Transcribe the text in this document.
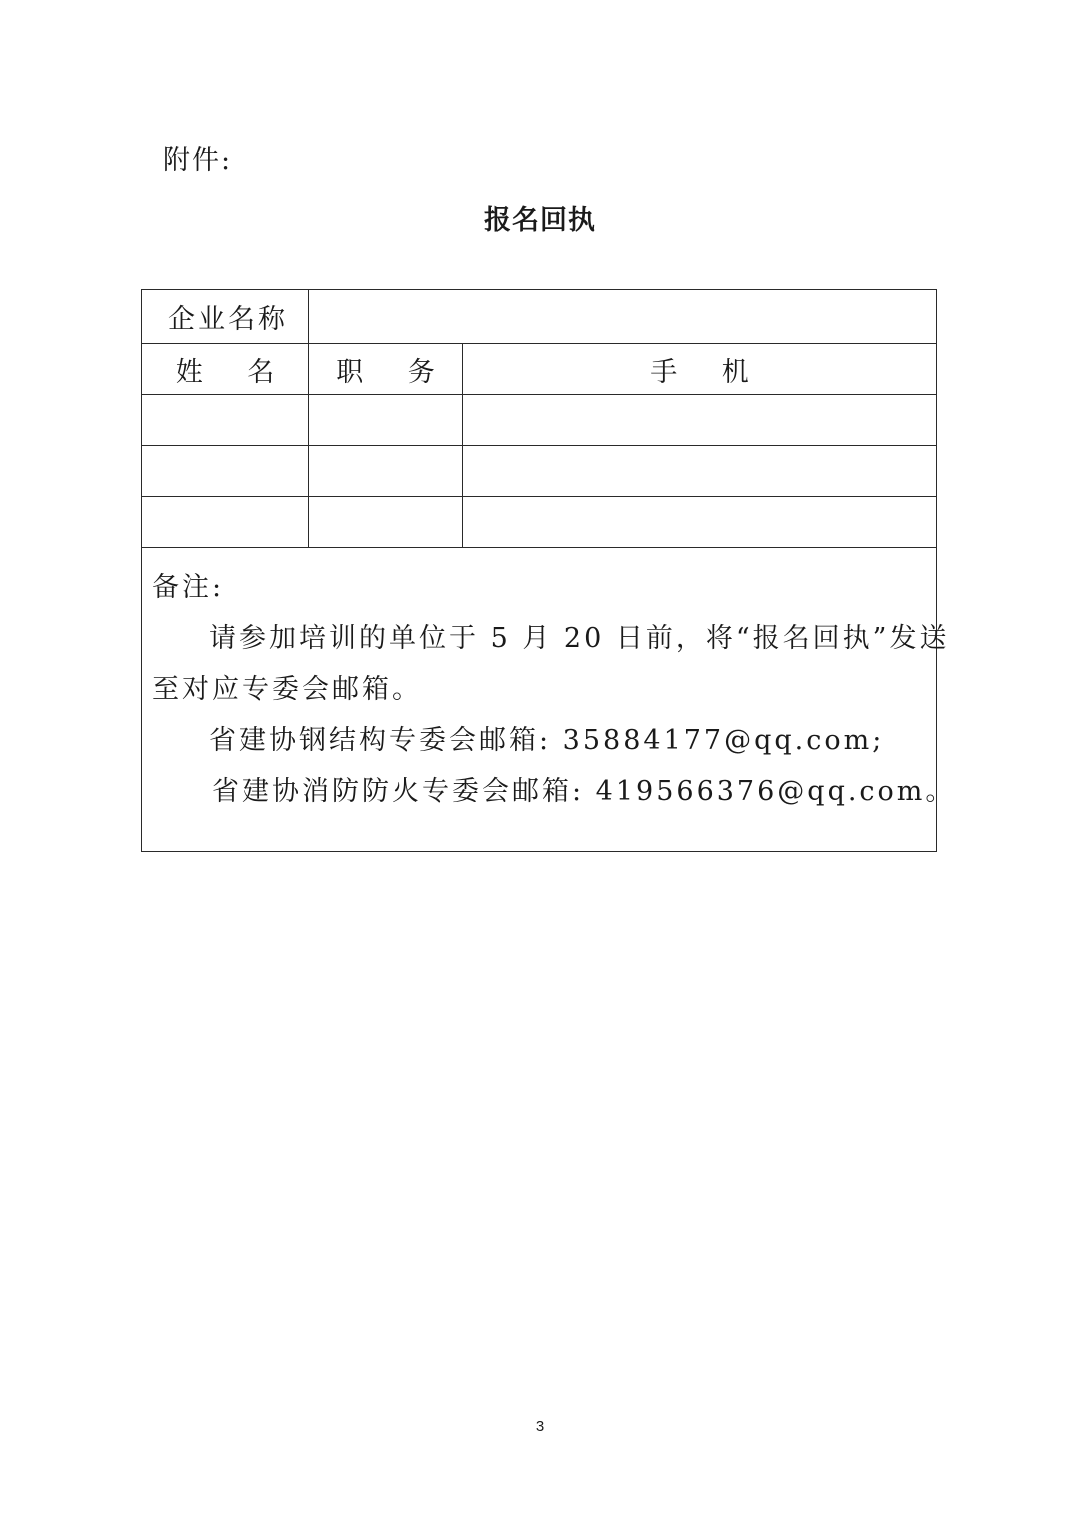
附件:
报名回执
企业名称		
姓 名	职 务	手 机

备注:
请参加培训的单位于 5 月 20 日前，将“报名回执”发送
至对应专委会邮箱。
省建协钢结构专委会邮箱: 35884177@qq.com;
省建协消防防火专委会邮箱: 419566376@qq.com。		
3
